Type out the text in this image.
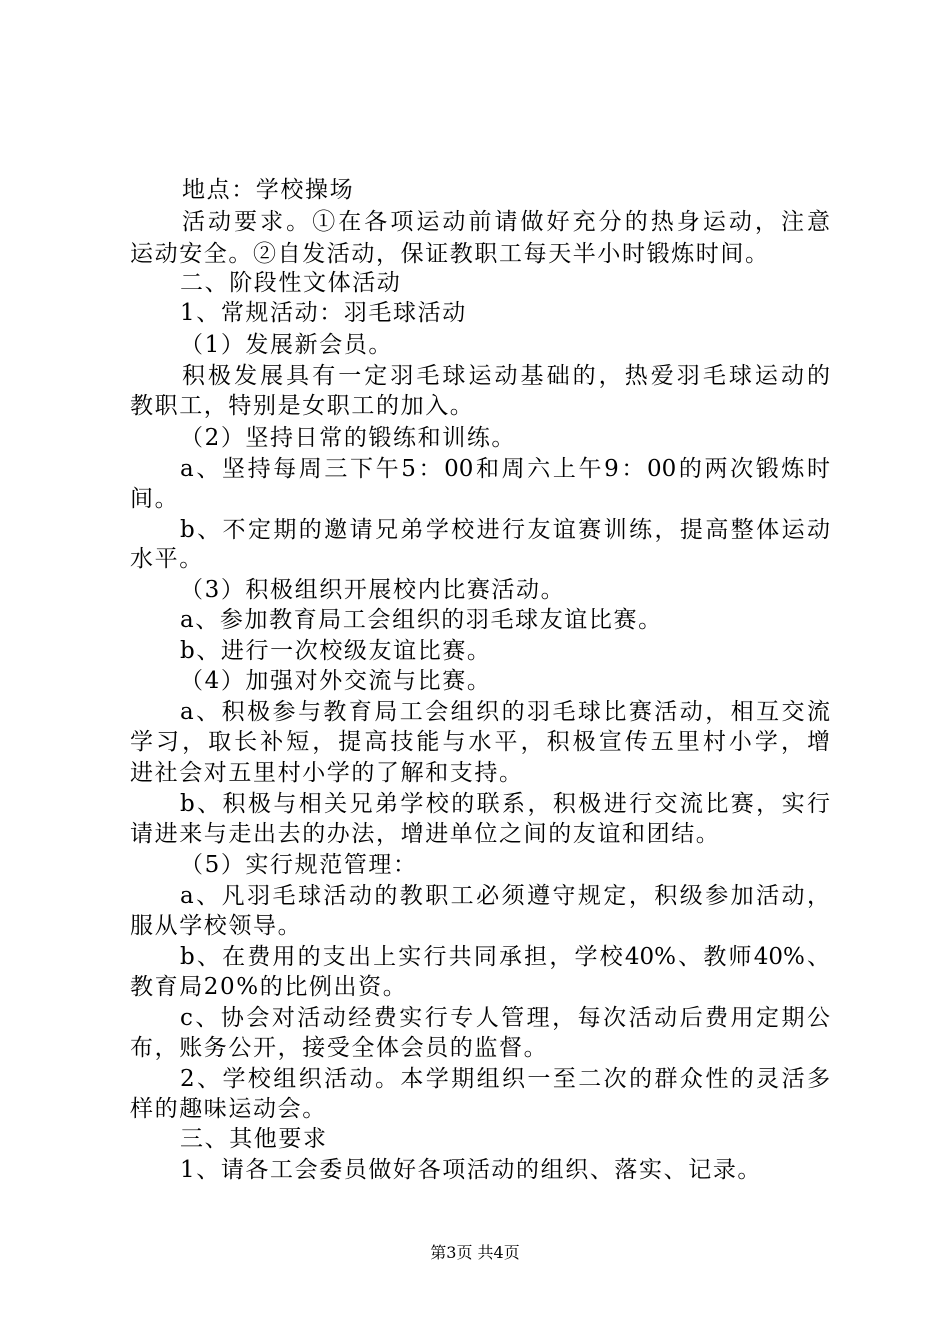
地点：学校操场
活动要求。①在各项运动前请做好充分的热身运动，注意
运动安全。②自发活动，保证教职工每天半小时锻炼时间。
二、阶段性文体活动
1、常规活动：羽毛球活动
（1）发展新会员。
积极发展具有一定羽毛球运动基础的，热爱羽毛球运动的
教职工，特别是女职工的加入。
（2）坚持日常的锻练和训练。
a、坚持每周三下午5：00和周六上午9：00的两次锻炼时
间。
b、不定期的邀请兄弟学校进行友谊赛训练，提高整体运动
水平。
（3）积极组织开展校内比赛活动。
a、参加教育局工会组织的羽毛球友谊比赛。
b、进行一次校级友谊比赛。
（4）加强对外交流与比赛。
a、积极参与教育局工会组织的羽毛球比赛活动，相互交流
学习，取长补短，提高技能与水平，积极宣传五里村小学，增
进社会对五里村小学的了解和支持。
b、积极与相关兄弟学校的联系，积极进行交流比赛，实行
请进来与走出去的办法，增进单位之间的友谊和团结。
（5）实行规范管理：
a、凡羽毛球活动的教职工必须遵守规定，积级参加活动，
服从学校领导。
b、在费用的支出上实行共同承担，学校40%、教师40%、
教育局20%的比例出资。
c、协会对活动经费实行专人管理，每次活动后费用定期公
布，账务公开，接受全体会员的监督。
2、学校组织活动。本学期组织一至二次的群众性的灵活多
样的趣味运动会。
三、其他要求
1、请各工会委员做好各项活动的组织、落实、记录。
第3页 共4页
